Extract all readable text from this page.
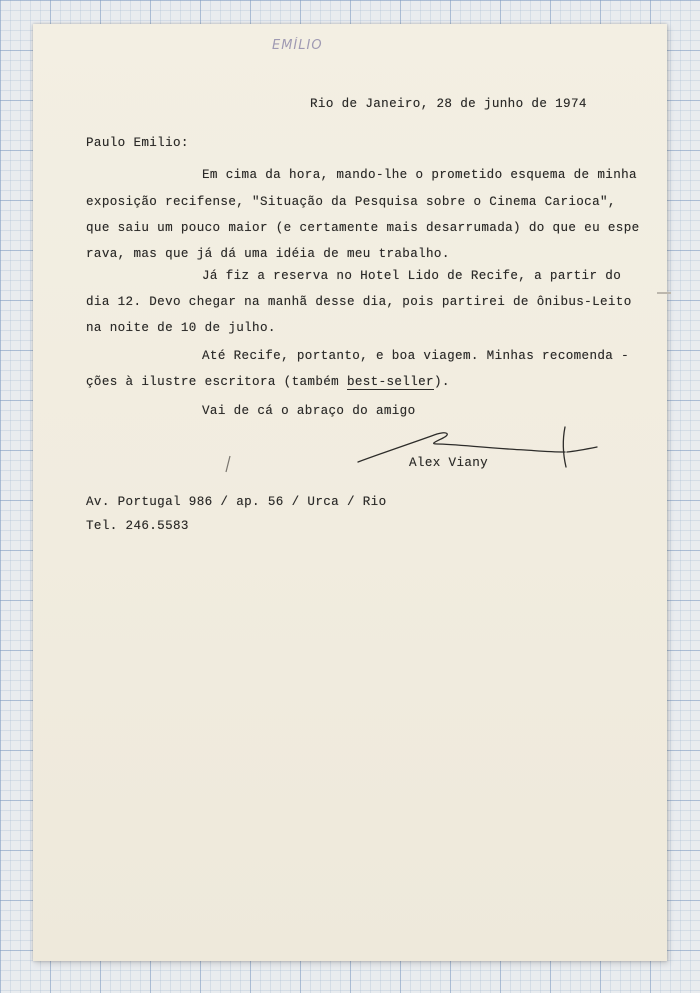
EMÍLIO
Rio de Janeiro, 28 de junho de 1974
Paulo Emilio:
Em cima da hora, mando-lhe o prometido esquema de minha
exposição recifense, "Situação da Pesquisa sobre o Cinema Carioca",
que saiu um pouco maior (e certamente mais desarrumada) do que eu espe
rava, mas que já dá uma idéia de meu trabalho.
Já fiz a reserva no Hotel Lido de Recife, a partir do
dia 12. Devo chegar na manhã desse dia, pois partirei de ônibus-Leito
na noite de 10 de julho.
Até Recife, portanto, e boa viagem. Minhas recomenda -
ções à ilustre escritora (também best-seller).
Vai de cá o abraço do amigo
Alex Viany
Av. Portugal 986 / ap. 56 / Urca / Rio
Tel. 246.5583
